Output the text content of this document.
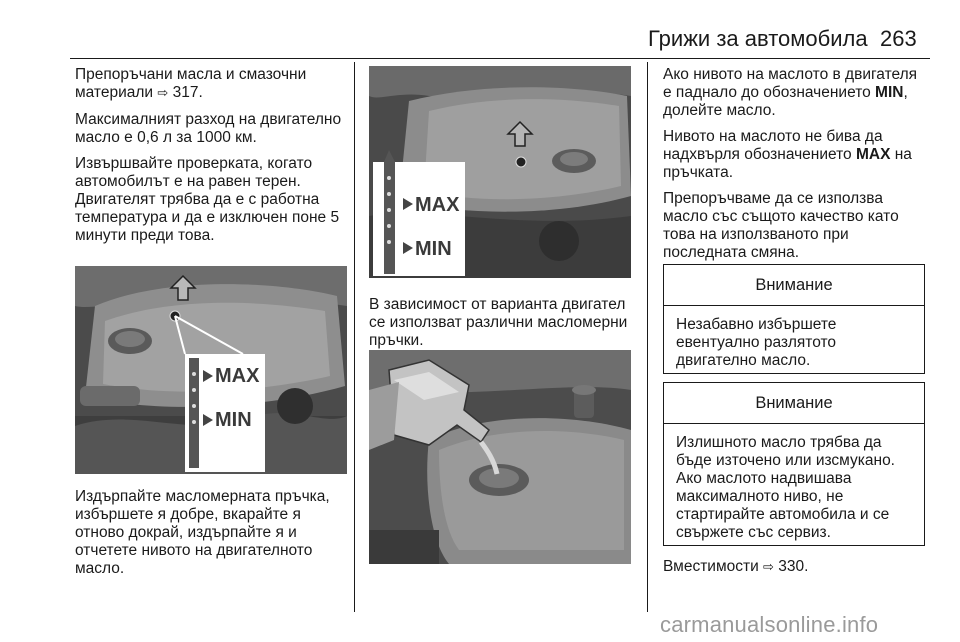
Грижи за автомобила 263

Препоръчани масла и смазочни материали ⇨ 317.

Максималният разход на двигателно масло е 0,6 л за 1000 км.

Извършвайте проверката, когато автомобилът е на равен терен. Двигателят трябва да е с работна температура и да е изключен поне 5 минути преди това.

MAX
MIN

Издърпайте масломерната пръчка, избършете я добре, вкарайте я отново докрай, издърпайте я и отчетете нивото на двигателното масло.

MAX
MIN

В зависимост от варианта двигател се използват различни масломерни пръчки.

Ако нивото на маслото в двигателя е паднало до обозначението MIN, долейте масло.

Нивото на маслото не бива да надхвърля обозначението MAX на пръчката.

Препоръчваме да се използва масло със същото качество като това на използваното при последната смяна.

Внимание
Незабавно избършете евентуално разлятото двигателно масло.
Внимание
Излишното масло трябва да бъде източено или изсмукано. Ако маслото надвишава максималното ниво, не стартирайте автомобила и се свържете със сервиз.
Вместимости ⇨ 330.
carmanualsonline.info
